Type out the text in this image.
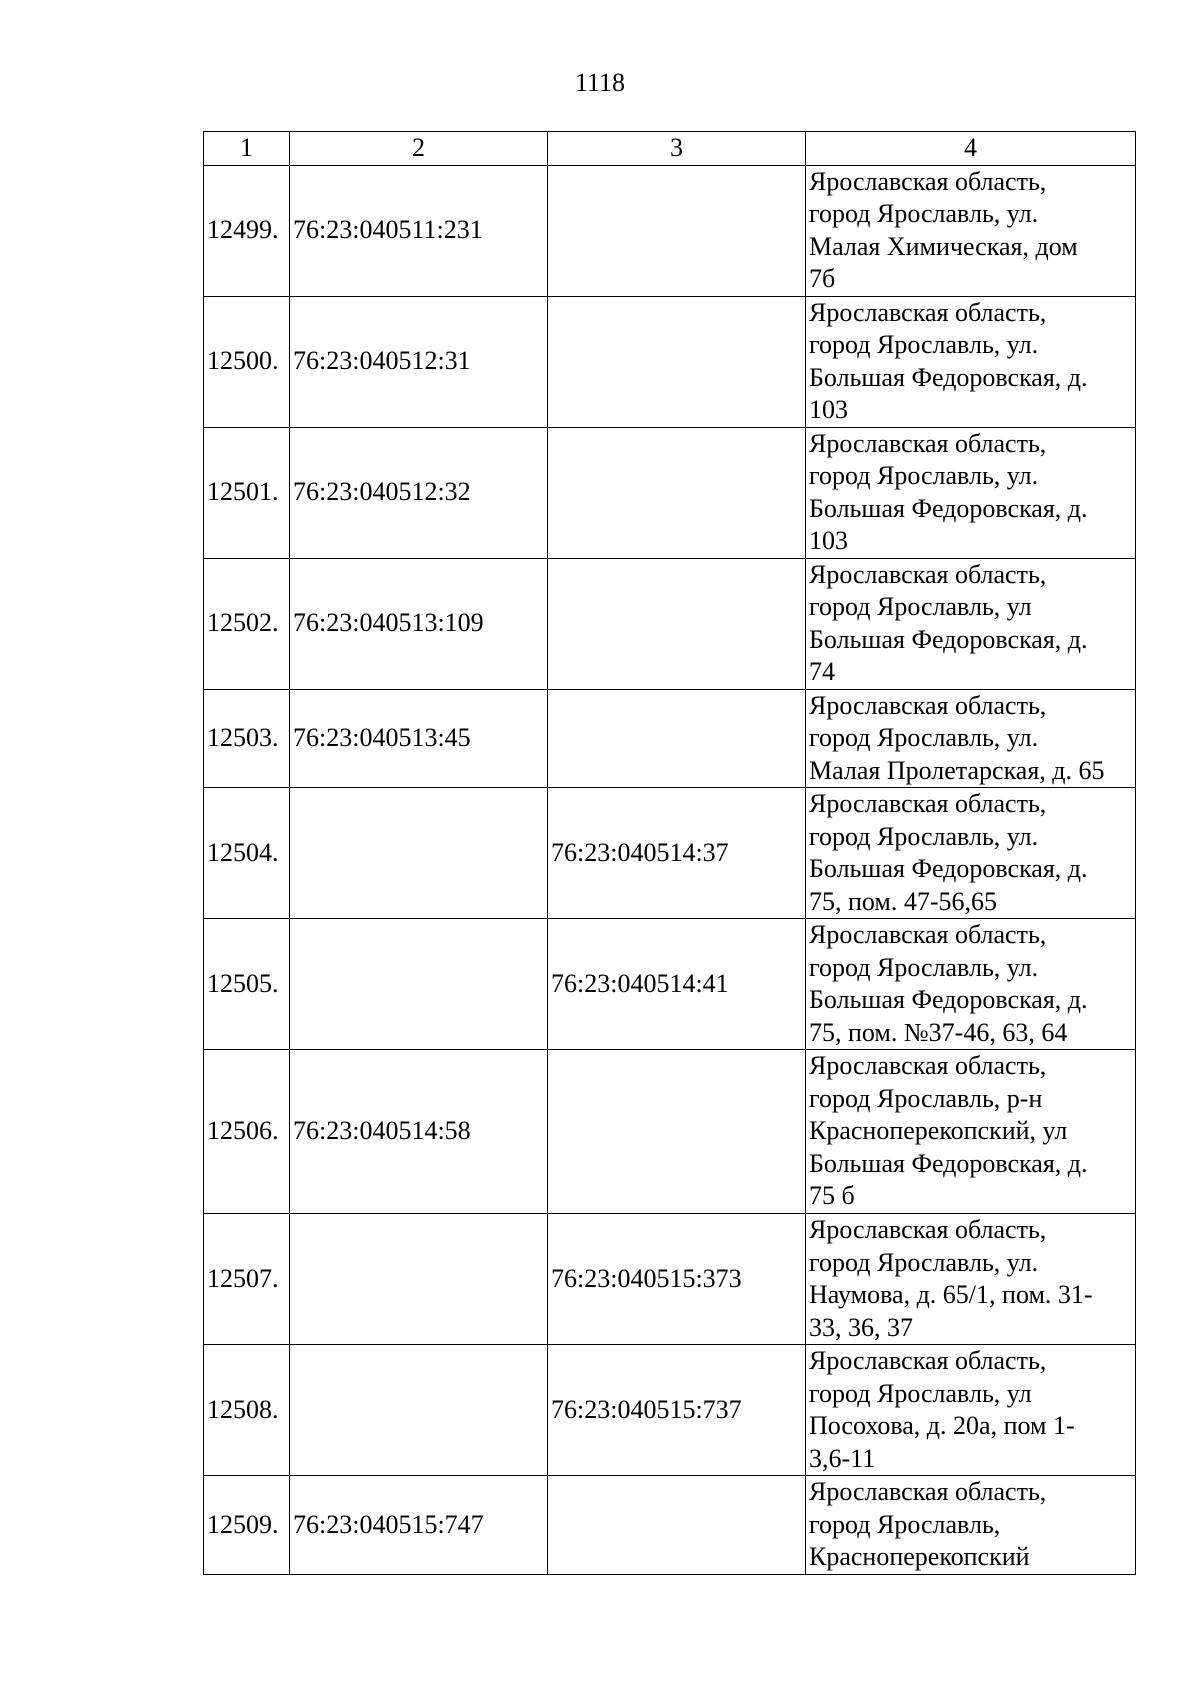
1118
1	2	3	4
12499.	76:23:040511:231		Ярославская область,
город Ярославль, ул.
Малая Химическая, дом
7б
12500.	76:23:040512:31		Ярославская область,
город Ярославль, ул.
Большая Федоровская, д.
103
12501.	76:23:040512:32		Ярославская область,
город Ярославль, ул.
Большая Федоровская, д.
103
12502.	76:23:040513:109		Ярославская область,
город Ярославль, ул
Большая Федоровская, д.
74
12503.	76:23:040513:45		Ярославская область,
город Ярославль, ул.
Малая Пролетарская, д. 65
12504.		76:23:040514:37	Ярославская область,
город Ярославль, ул.
Большая Федоровская, д.
75, пом. 47-56,65
12505.		76:23:040514:41	Ярославская область,
город Ярославль, ул.
Большая Федоровская, д.
75, пом. №37-46, 63, 64
12506.	76:23:040514:58		Ярославская область,
город Ярославль, р-н
Красноперекопский, ул
Большая Федоровская, д.
75 б
12507.		76:23:040515:373	Ярославская область,
город Ярославль, ул.
Наумова, д. 65/1, пом. 31-
33, 36, 37
12508.		76:23:040515:737	Ярославская область,
город Ярославль, ул
Посохова, д. 20а, пом 1-
3,6-11
12509.	76:23:040515:747		Ярославская область,
город Ярославль,
Красноперекопский
